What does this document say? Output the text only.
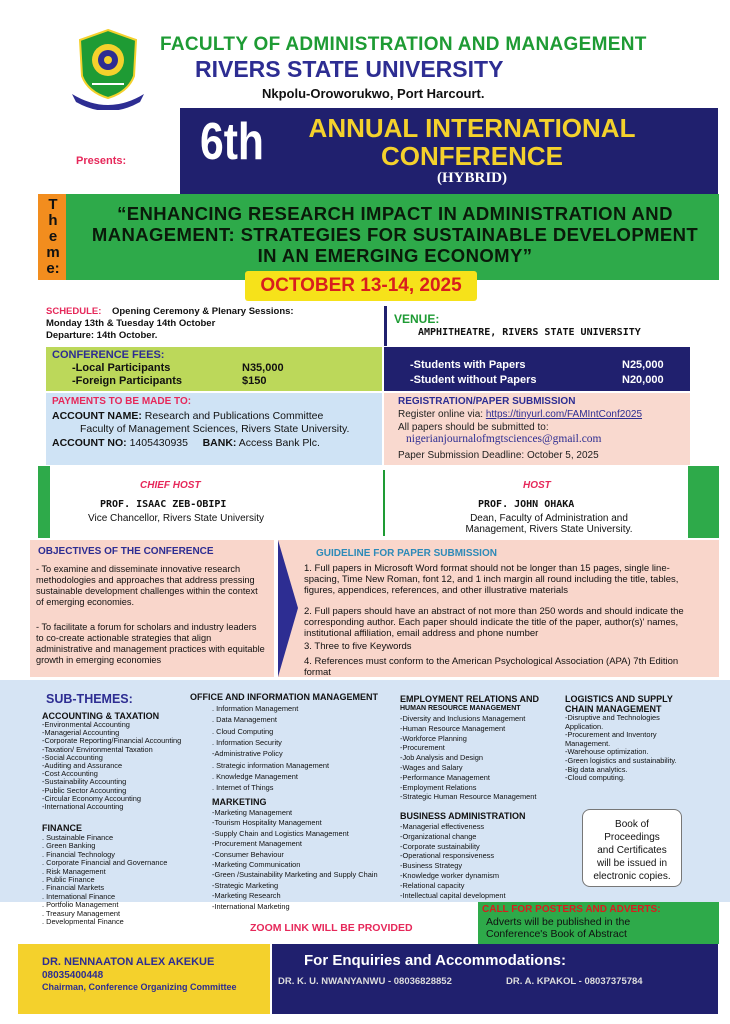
FACULTY OF ADMINISTRATION AND MANAGEMENT
RIVERS STATE UNIVERSITY
Nkpolu-Oroworukwo, Port Harcourt.
Presents: 6th	ANNUAL INTERNATIONAL
CONFERENCE
(HYBRID)
T
h
e
m
e:
“ENHANCING RESEARCH IMPACT IN ADMINISTRATION AND MANAGEMENT: STRATEGIES FOR SUSTAINABLE DEVELOPMENT IN AN EMERGING ECONOMY”
OCTOBER 13-14, 2025
SCHEDULE: Opening Ceremony & Plenary Sessions:
Monday 13th & Tuesday 14th October
Departure: 14th October.
VENUE:
AMPHITHEATRE, RIVERS STATE UNIVERSITY
CONFERENCE FEES:
-Local Participants	N35,000
-Foreign Participants	$150
-Students with Papers	N25,000
-Student without Papers	N20,000
PAYMENTS TO BE MADE TO:
ACCOUNT NAME: Research and Publications Committee
Faculty of Management Sciences, Rivers State University.
ACCOUNT NO: 1405430935 BANK: Access Bank Plc.
REGISTRATION/PAPER SUBMISSION
Register online via: https://tinyurl.com/FAMIntConf2025
All papers should be submitted to:
nigerianjournalofmgtsciences@gmail.com
Paper Submission Deadline: October 5, 2025
CHIEF HOST
PROF. ISAAC ZEB-OBIPI
Vice Chancellor, Rivers State University
HOST
PROF. JOHN OHAKA
Dean, Faculty of Administration and Management, Rivers State University.
OBJECTIVES OF THE CONFERENCE
- To examine and disseminate innovative research methodologies and approaches that address pressing sustainable development challenges within the context of emerging economies.
- To facilitate a forum for scholars and industry leaders to co-create actionable strategies that align administrative and management practices with equitable growth in emerging economies
GUIDELINE FOR PAPER SUBMISSION
1. Full papers in Microsoft Word format should not be longer than 15 pages, single line-spacing, Time New Roman, font 12, and 1 inch margin all round including the title, tables, figures, appendices, references, and other illustrative materials
2. Full papers should have an abstract of not more than 250 words and should indicate the corresponding author. Each paper should indicate the title of the paper, author(s)' names, institutional affiliation, email address and phone number
3. Three to five Keywords
4. References must conform to the American Psychological Association (APA) 7th Edition format
SUB-THEMES:
ACCOUNTING & TAXATION
-Environmental Accounting
-Managerial Accounting
-Corporate Reporting/Financial Accounting
-Taxation/ Environmental Taxation
-Social Accounting
-Auditing and Assurance
-Cost Accounting
-Sustainability Accounting
-Public Sector Accounting
-Circular Economy Accounting
-International Accounting
FINANCE
. Sustainable Finance
. Green Banking
. Financial Technology
. Corporate Financial and Governance
. Risk Management
. Public Finance
. Financial Markets
. International Finance
. Portfolio Management
. Treasury Management
. Developmental Finance
OFFICE AND INFORMATION MANAGEMENT
. Information Management
. Data Management
. Cloud Computing
. Information Security
-Administrative Policy
. Strategic information Management
. Knowledge Management
. Internet of Things
MARKETING
-Marketing Management
-Tourism Hospitality Management
-Supply Chain and Logistics Management
-Procurement Management
-Consumer Behaviour
-Marketing Communication
-Green /Sustainability Marketing and Supply Chain
-Strategic Marketing
-Marketing Research
-International Marketing
EMPLOYMENT RELATIONS AND
HUMAN RESOURCE MANAGEMENT
-Diversity and Inclusions Management
-Human Resource Management
-Workforce Planning
-Procurement
-Job Analysis and Design
-Wages and Salary
-Performance Management
-Employment Relations
-Strategic Human Resource Management
BUSINESS ADMINISTRATION
-Managerial effectiveness
-Organizational change
-Corporate sustainability
-Operational responsiveness
-Business Strategy
-Knowledge worker dynamism
-Relational capacity
-Intellectual capital development
LOGISTICS AND SUPPLY
CHAIN MANAGEMENT
-Disruptive and Technologies
Application.
-Procurement and Inventory
Management.
-Warehouse optimization.
-Green logistics and sustainability.
-Big data analytics.
-Cloud computing.
Book of
Proceedings
and Certificates
will be issued in
electronic copies.
ZOOM LINK WILL BE PROVIDED
CALL FOR POSTERS AND ADVERTS:
Adverts will be published in the
Conference's Book of Abstract
DR. NENNAATON ALEX AKEKUE
08035400448
Chairman, Conference Organizing Committee
For Enquiries and Accommodations:
DR. K. U. NWANYANWU - 08036828852	DR. A. KPAKOL - 08037375784
